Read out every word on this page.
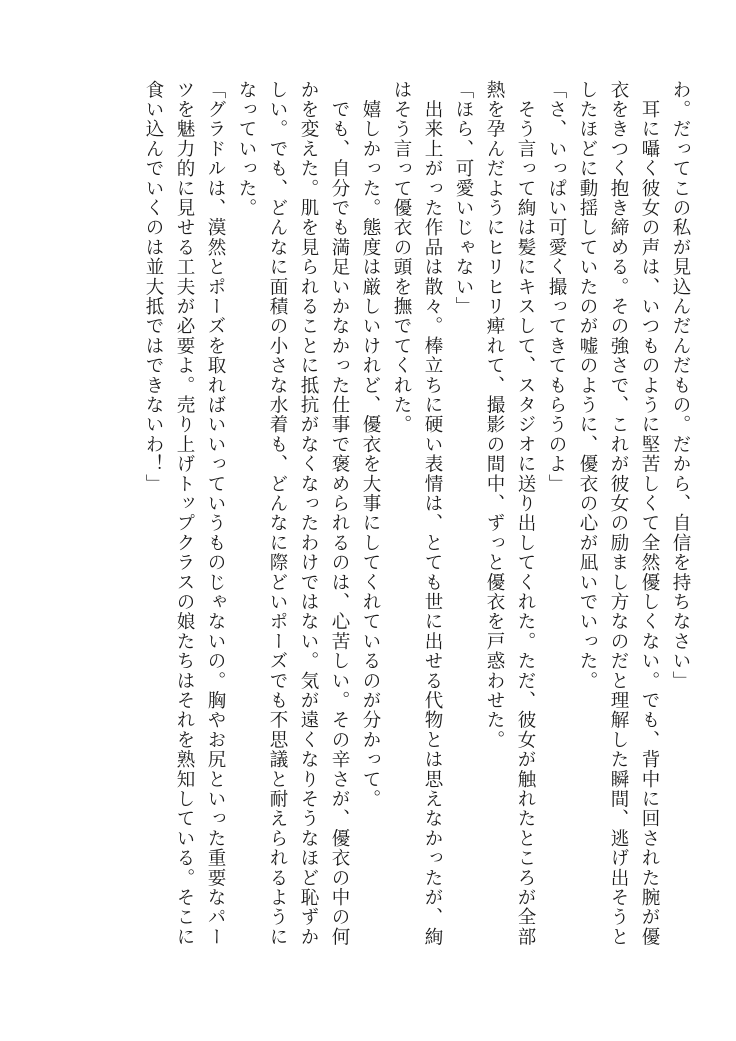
わ。だってこの私が見込んだんだもの。だから、自信を持ちなさい」

　耳に囁く彼女の声は、いつものように堅苦しくて全然優しくない。でも、背中に回された腕が優

衣をきつく抱き締める。その強さで、これが彼女の励まし方なのだと理解した瞬間、逃げ出そうと

したほどに動揺していたのが嘘のように、優衣の心が凪いでいった。

「さ、いっぱい可愛く撮ってきてもらうのよ」

　そう言って絢は髪にキスして、スタジオに送り出してくれた。ただ、彼女が触れたところが全部

熱を孕んだようにヒリヒリ痺れて、撮影の間中、ずっと優衣を戸惑わせた。

「ほら、可愛いじゃない」

　出来上がった作品は散々。棒立ちに硬い表情は、とても世に出せる代物とは思えなかったが、絢

はそう言って優衣の頭を撫でてくれた。

　嬉しかった。態度は厳しいけれど、優衣を大事にしてくれているのが分かって。

　でも、自分でも満足いかなかった仕事で褒められるのは、心苦しい。その辛さが、優衣の中の何

かを変えた。肌を見られることに抵抗がなくなったわけではない。気が遠くなりそうなほど恥ずか

しい。でも、どんなに面積の小さな水着も、どんなに際どいポーズでも不思議と耐えられるように

なっていった。

「グラドルは、漠然とポーズを取ればいいっていうものじゃないの。胸やお尻といった重要なパー

ツを魅力的に見せる工夫が必要よ。売り上げトップクラスの娘たちはそれを熟知している。そこに

食い込んでいくのは並大抵ではできないわ！」
